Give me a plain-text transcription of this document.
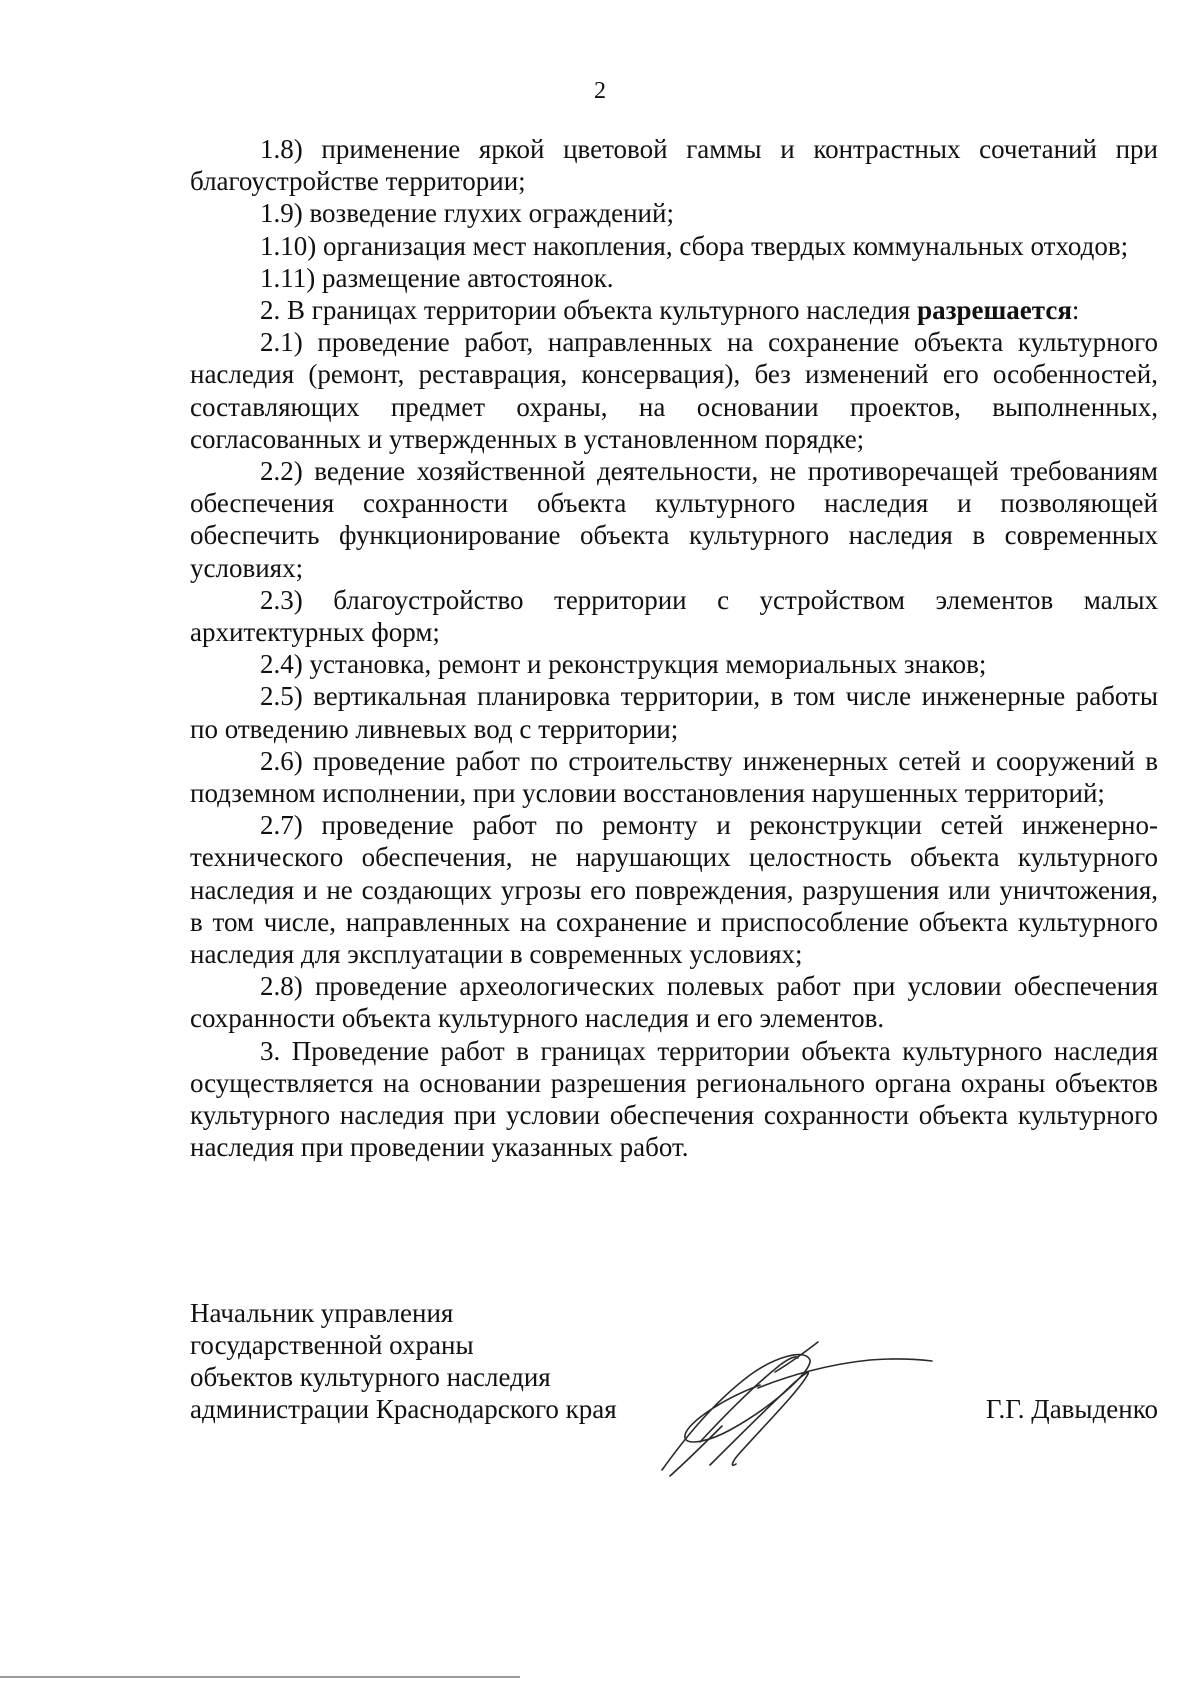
2

1.8) применение яркой цветовой гаммы и контрастных сочетаний при благоустройстве территории;

1.9) возведение глухих ограждений;

1.10) организация мест накопления, сбора твердых коммунальных отходов;

1.11) размещение автостоянок.

2. В границах территории объекта культурного наследия разрешается:

2.1) проведение работ, направленных на сохранение объекта культурного наследия (ремонт, реставрация, консервация), без изменений его особенностей, составляющих предмет охраны, на основании проектов, выполненных, согласованных и утвержденных в установленном порядке;

2.2) ведение хозяйственной деятельности, не противоречащей требованиям обеспечения сохранности объекта культурного наследия и позволяющей обеспечить функционирование объекта культурного наследия в современных условиях;

2.3) благоустройство территории с устройством элементов малых архитектурных форм;

2.4) установка, ремонт и реконструкция мемориальных знаков;

2.5) вертикальная планировка территории, в том числе инженерные работы по отведению ливневых вод с территории;

2.6) проведение работ по строительству инженерных сетей и сооружений в подземном исполнении, при условии восстановления нарушенных территорий;

2.7) проведение работ по ремонту и реконструкции сетей инженерно-технического обеспечения, не нарушающих целостность объекта культурного наследия и не создающих угрозы его повреждения, разрушения или уничтожения, в том числе, направленных на сохранение и приспособление объекта культурного наследия для эксплуатации в современных условиях;

2.8) проведение археологических полевых работ при условии обеспечения сохранности объекта культурного наследия и его элементов.

3. Проведение работ в границах территории объекта культурного наследия осуществляется на основании разрешения регионального органа охраны объектов культурного наследия при условии обеспечения сохранности объекта культурного наследия при проведении указанных работ.

Начальник управления
государственной охраны
объектов культурного наследия
администрации Краснодарского края	Г.Г. Давыденко
